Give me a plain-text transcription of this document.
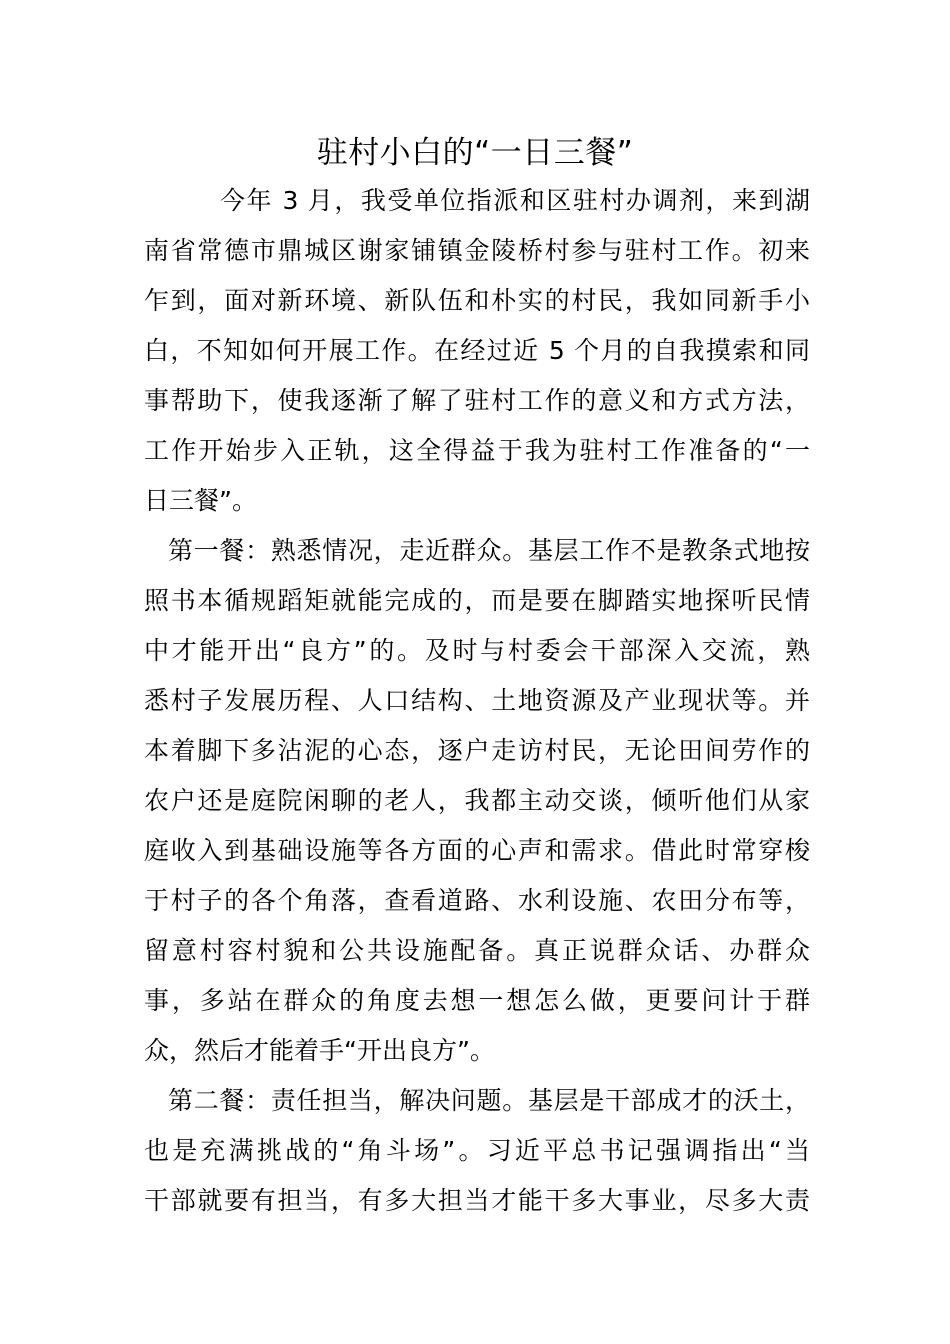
驻村小白的“一日三餐”
今年 3 月，我受单位指派和区驻村办调剂，来到湖
南省常德市鼎城区谢家铺镇金陵桥村参与驻村工作。初来
乍到，面对新环境、新队伍和朴实的村民，我如同新手小
白，不知如何开展工作。在经过近 5 个月的自我摸索和同
事帮助下，使我逐渐了解了驻村工作的意义和方式方法，
工作开始步入正轨，这全得益于我为驻村工作准备的“一
日三餐”。
第一餐：熟悉情况，走近群众。基层工作不是教条式地按
照书本循规蹈矩就能完成的，而是要在脚踏实地探听民情
中才能开出“良方”的。及时与村委会干部深入交流，熟
悉村子发展历程、人口结构、土地资源及产业现状等。并
本着脚下多沾泥的心态，逐户走访村民，无论田间劳作的
农户还是庭院闲聊的老人，我都主动交谈，倾听他们从家
庭收入到基础设施等各方面的心声和需求。借此时常穿梭
于村子的各个角落，查看道路、水利设施、农田分布等，
留意村容村貌和公共设施配备。真正说群众话、办群众
事，多站在群众的角度去想一想怎么做，更要问计于群
众，然后才能着手“开出良方”。
第二餐：责任担当，解决问题。基层是干部成才的沃土，
也是充满挑战的“角斗场”。习近平总书记强调指出“当
干部就要有担当，有多大担当才能干多大事业，尽多大责
